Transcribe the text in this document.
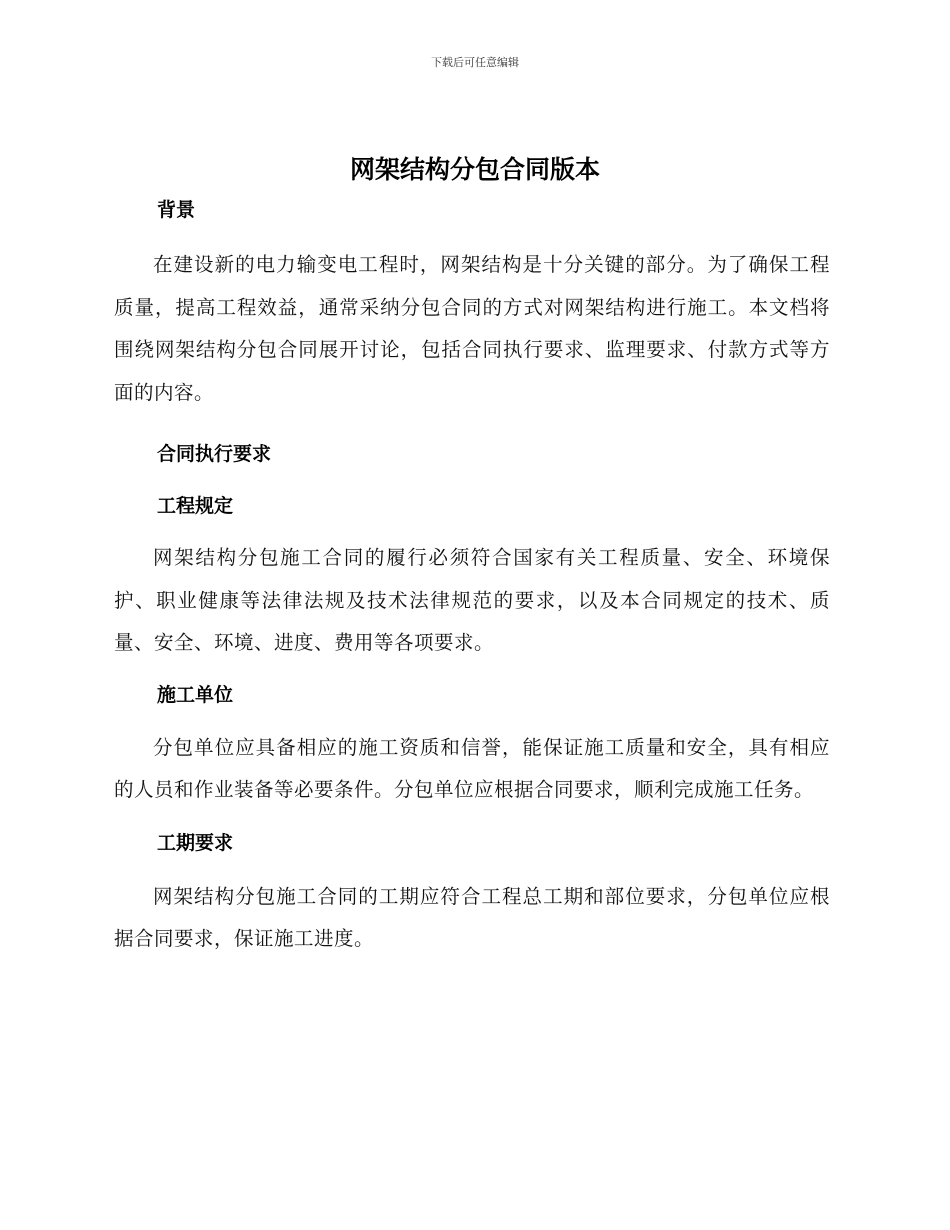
下载后可任意编辑
网架结构分包合同版本
背景

在建设新的电力输变电工程时，网架结构是十分关键的部分。为了确保工程质量，提高工程效益，通常采纳分包合同的方式对网架结构进行施工。本文档将围绕网架结构分包合同展开讨论，包括合同执行要求、监理要求、付款方式等方面的内容。

合同执行要求
工程规定

网架结构分包施工合同的履行必须符合国家有关工程质量、安全、环境保护、职业健康等法律法规及技术法律规范的要求，以及本合同规定的技术、质量、安全、环境、进度、费用等各项要求。

施工单位

分包单位应具备相应的施工资质和信誉，能保证施工质量和安全，具有相应的人员和作业装备等必要条件。分包单位应根据合同要求，顺利完成施工任务。

工期要求

网架结构分包施工合同的工期应符合工程总工期和部位要求，分包单位应根据合同要求，保证施工进度。
